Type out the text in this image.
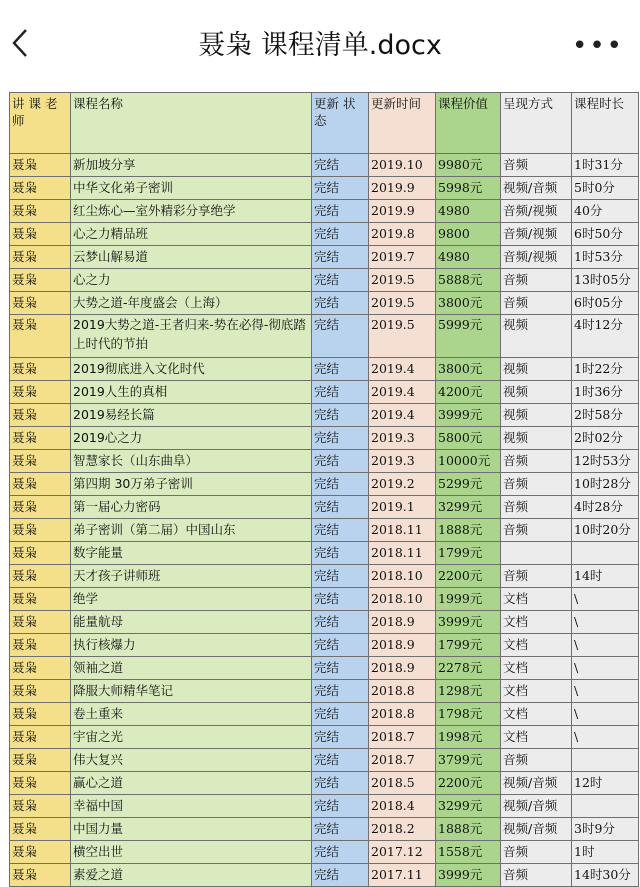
聂枭 课程清单.docx	•••
讲 课 老师	课程名称	更新 状态	更新时间	课程价值	呈现方式	课程时长
聂枭	新加坡分享	完结	2019.10	9980元	音频	1时31分
聂枭	中华文化弟子密训	完结	2019.9	5998元	视频/音频	5时0分
聂枭	红尘炼心—室外精彩分享绝学	完结	2019.9	4980	音频/视频	40分
聂枭	心之力精品班	完结	2019.8	9800	音频/视频	6时50分
聂枭	云梦山解易道	完结	2019.7	4980	音频/视频	1时53分
聂枭	心之力	完结	2019.5	5888元	音频	13时05分
聂枭	大势之道-年度盛会（上海）	完结	2019.5	3800元	音频	6时05分
聂枭	2019大势之道-王者归来-势在必得-彻底踏上时代的节拍	完结	2019.5	5999元	视频	4时12分
聂枭	2019彻底进入文化时代	完结	2019.4	3800元	视频	1时22分
聂枭	2019人生的真相	完结	2019.4	4200元	视频	1时36分
聂枭	2019易经长篇	完结	2019.4	3999元	视频	2时58分
聂枭	2019心之力	完结	2019.3	5800元	视频	2时02分
聂枭	智慧家长（山东曲阜）	完结	2019.3	10000元	音频	12时53分
聂枭	第四期 30万弟子密训	完结	2019.2	5299元	音频	10时28分
聂枭	第一届心力密码	完结	2019.1	3299元	音频	4时28分
聂枭	弟子密训（第二届）中国山东	完结	2018.11	1888元	音频	10时20分
聂枭	数字能量	完结	2018.11	1799元		
聂枭	天才孩子讲师班	完结	2018.10	2200元	音频	14时
聂枭	绝学	完结	2018.10	1999元	文档	\
聂枭	能量航母	完结	2018.9	3999元	文档	\
聂枭	执行核爆力	完结	2018.9	1799元	文档	\
聂枭	领袖之道	完结	2018.9	2278元	文档	\
聂枭	降服大师精华笔记	完结	2018.8	1298元	文档	\
聂枭	卷土重来	完结	2018.8	1798元	文档	\
聂枭	宇宙之光	完结	2018.7	1998元	文档	\
聂枭	伟大复兴	完结	2018.7	3799元	音频	
聂枭	赢心之道	完结	2018.5	2200元	视频/音频	12时
聂枭	幸福中国	完结	2018.4	3299元	视频/音频	
聂枭	中国力量	完结	2018.2	1888元	视频/音频	3时9分
聂枭	横空出世	完结	2017.12	1558元	音频	1时
聂枭	素爱之道	完结	2017.11	3999元	音频	14时30分
